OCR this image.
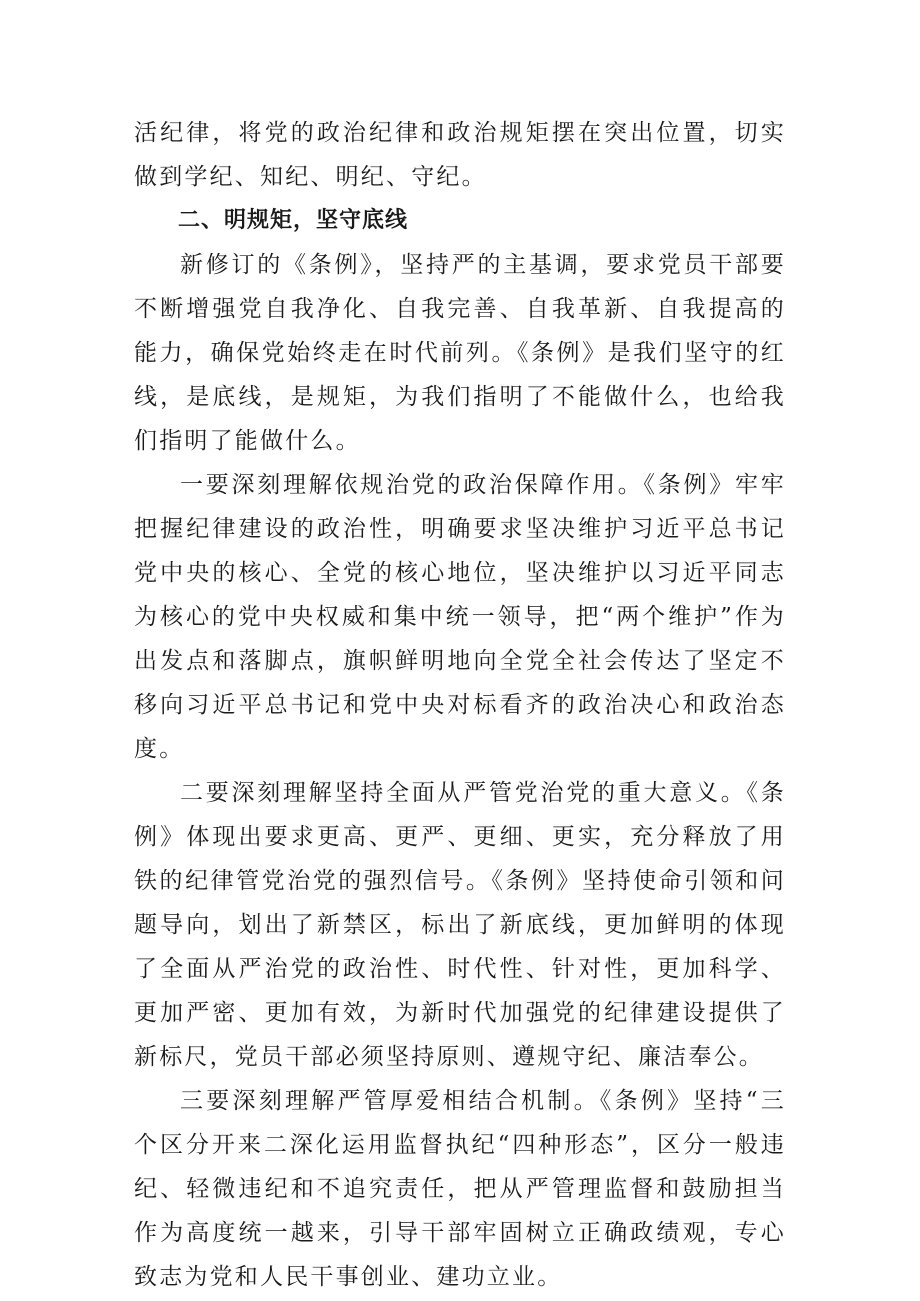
活纪律，将党的政治纪律和政治规矩摆在突出位置，切实做到学纪、知纪、明纪、守纪。

二、明规矩，坚守底线

新修订的《条例》，坚持严的主基调，要求党员干部要不断增强党自我净化、自我完善、自我革新、自我提高的能力，确保党始终走在时代前列。《条例》是我们坚守的红线，是底线，是规矩，为我们指明了不能做什么，也给我们指明了能做什么。

一要深刻理解依规治党的政治保障作用。《条例》牢牢把握纪律建设的政治性，明确要求坚决维护习近平总书记党中央的核心、全党的核心地位，坚决维护以习近平同志为核心的党中央权威和集中统一领导，把“两个维护”作为出发点和落脚点，旗帜鲜明地向全党全社会传达了坚定不移向习近平总书记和党中央对标看齐的政治决心和政治态度。

二要深刻理解坚持全面从严管党治党的重大意义。《条例》体现出要求更高、更严、更细、更实，充分释放了用铁的纪律管党治党的强烈信号。《条例》坚持使命引领和问题导向，划出了新禁区，标出了新底线，更加鲜明的体现了全面从严治党的政治性、时代性、针对性，更加科学、更加严密、更加有效，为新时代加强党的纪律建设提供了新标尺，党员干部必须坚持原则、遵规守纪、廉洁奉公。

三要深刻理解严管厚爱相结合机制。《条例》坚持“三个区分开来二深化运用监督执纪“四种形态”，区分一般违纪、轻微违纪和不追究责任，把从严管理监督和鼓励担当作为高度统一越来，引导干部牢固树立正确政绩观，专心致志为党和人民干事创业、建功立业。
